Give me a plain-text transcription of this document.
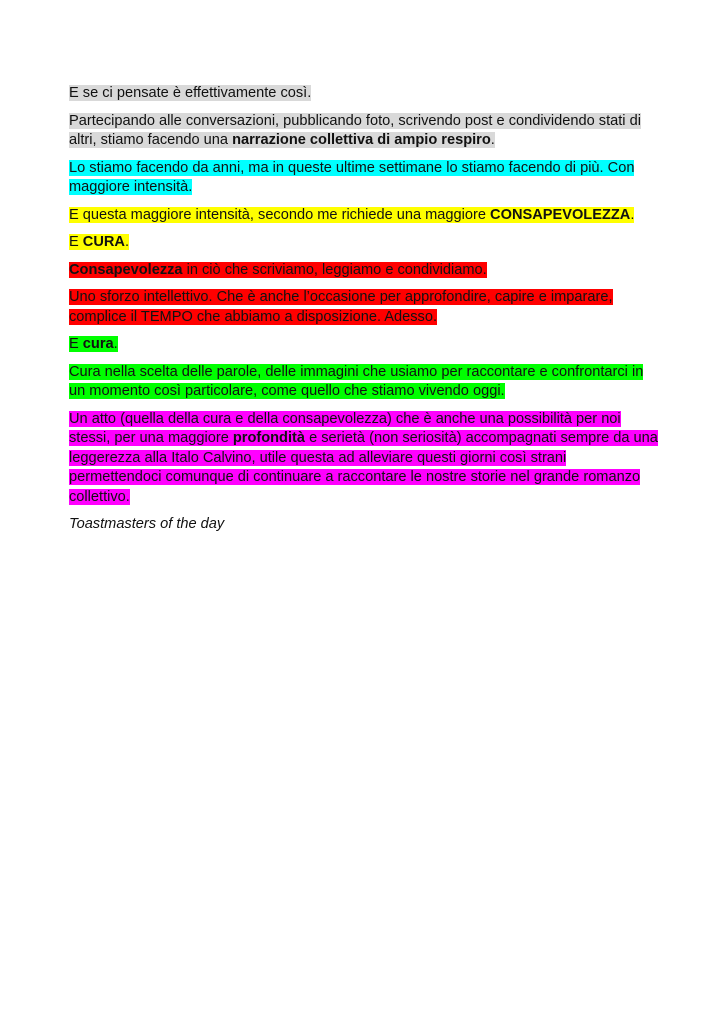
E se ci pensate è effettivamente così.

Partecipando alle conversazioni, pubblicando foto, scrivendo post e condividendo stati di altri, stiamo facendo una narrazione collettiva di ampio respiro.

Lo stiamo facendo da anni, ma in queste ultime settimane lo stiamo facendo di più. Con maggiore intensità.

E questa maggiore intensità, secondo me richiede una maggiore CONSAPEVOLEZZA.

E CURA.

Consapevolezza in ciò che scriviamo, leggiamo e condividiamo.

Uno sforzo intellettivo. Che è anche l’occasione per approfondire, capire e imparare, complice il TEMPO che abbiamo a disposizione. Adesso.

E cura.

Cura nella scelta delle parole, delle immagini che usiamo per raccontare e confrontarci in un momento così particolare, come quello che stiamo vivendo oggi.

Un atto (quella della cura e della consapevolezza) che è anche una possibilità per noi stessi, per una maggiore profondità e serietà (non seriosità) accompagnati sempre da una leggerezza alla Italo Calvino, utile questa ad alleviare questi giorni così strani permettendoci comunque di continuare a raccontare le nostre storie nel grande romanzo collettivo.

Toastmasters of the day
